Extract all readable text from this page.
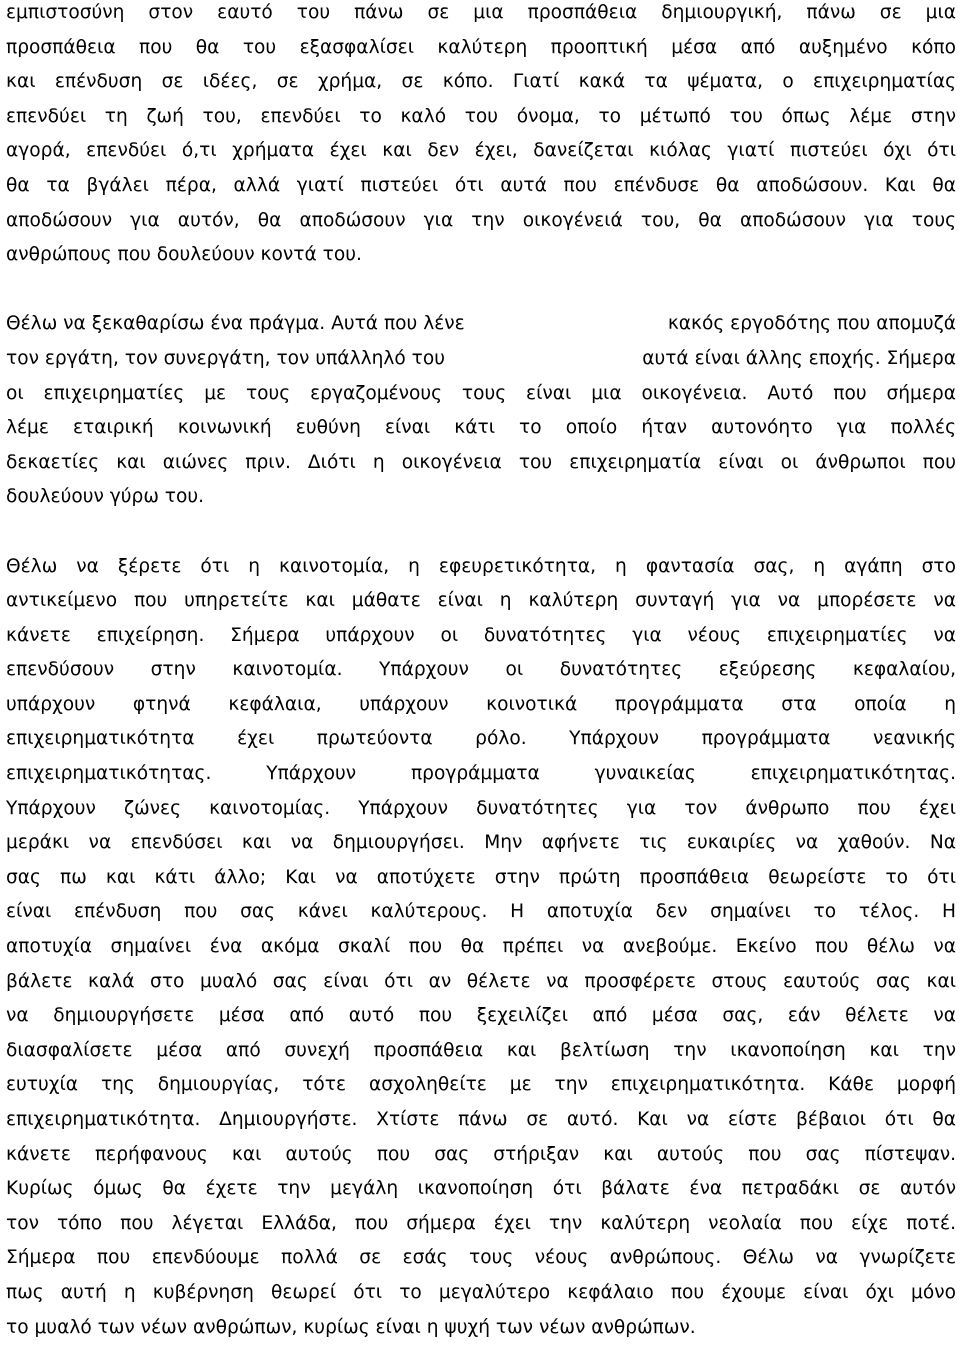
εμπιστοσύνη στον εαυτό του πάνω σε μια προσπάθεια δημιουργική, πάνω σε μια
προσπάθεια που θα του εξασφαλίσει καλύτερη προοπτική μέσα από αυξημένο κόπο
και επένδυση σε ιδέες, σε χρήμα, σε κόπο. Γιατί κακά τα ψέματα, ο επιχειρηματίας
επενδύει τη ζωή του, επενδύει το καλό του όνομα, το μέτωπό του όπως λέμε στην
αγορά, επενδύει ό,τι χρήματα έχει και δεν έχει, δανείζεται κιόλας γιατί πιστεύει όχι ότι
θα τα βγάλει πέρα, αλλά γιατί πιστεύει ότι αυτά που επένδυσε θα αποδώσουν. Και θα
αποδώσουν για αυτόν, θα αποδώσουν για την οικογένειά του, θα αποδώσουν για τους
ανθρώπους που δουλεύουν κοντά του.
Θέλω να ξεκαθαρίσω ένα πράγμα. Αυτά που λένε	κακός εργοδότης που απομυζά
τον εργάτη, τον συνεργάτη, τον υπάλληλό του	αυτά είναι άλλης εποχής. Σήμερα
οι επιχειρηματίες με τους εργαζομένους τους είναι μια οικογένεια. Αυτό που σήμερα
λέμε εταιρική κοινωνική ευθύνη είναι κάτι το οποίο ήταν αυτονόητο για πολλές
δεκαετίες και αιώνες πριν. Διότι η οικογένεια του επιχειρηματία είναι οι άνθρωποι που
δουλεύουν γύρω του.
Θέλω να ξέρετε ότι η καινοτομία, η εφευρετικότητα, η φαντασία σας, η αγάπη στο
αντικείμενο που υπηρετείτε και μάθατε είναι η καλύτερη συνταγή για να μπορέσετε να
κάνετε επιχείρηση. Σήμερα υπάρχουν οι δυνατότητες για νέους επιχειρηματίες να
επενδύσουν στην καινοτομία. Υπάρχουν οι δυνατότητες εξεύρεσης κεφαλαίου,
υπάρχουν φτηνά κεφάλαια, υπάρχουν κοινοτικά προγράμματα στα οποία η
επιχειρηματικότητα έχει πρωτεύοντα ρόλο. Υπάρχουν προγράμματα νεανικής
επιχειρηματικότητας. Υπάρχουν προγράμματα γυναικείας επιχειρηματικότητας.
Υπάρχουν ζώνες καινοτομίας. Υπάρχουν δυνατότητες για τον άνθρωπο που έχει
μεράκι να επενδύσει και να δημιουργήσει. Μην αφήνετε τις ευκαιρίες να χαθούν. Να
σας πω και κάτι άλλο; Και να αποτύχετε στην πρώτη προσπάθεια θεωρείστε το ότι
είναι επένδυση που σας κάνει καλύτερους. Η αποτυχία δεν σημαίνει το τέλος. Η
αποτυχία σημαίνει ένα ακόμα σκαλί που θα πρέπει να ανεβούμε. Εκείνο που θέλω να
βάλετε καλά στο μυαλό σας είναι ότι αν θέλετε να προσφέρετε στους εαυτούς σας και
να δημιουργήσετε μέσα από αυτό που ξεχειλίζει από μέσα σας, εάν θέλετε να
διασφαλίσετε μέσα από συνεχή προσπάθεια και βελτίωση την ικανοποίηση και την
ευτυχία της δημιουργίας, τότε ασχοληθείτε με την επιχειρηματικότητα. Κάθε μορφή
επιχειρηματικότητα. Δημιουργήστε. Χτίστε πάνω σε αυτό. Και να είστε βέβαιοι ότι θα
κάνετε περήφανους και αυτούς που σας στήριξαν και αυτούς που σας πίστεψαν.
Κυρίως όμως θα έχετε την μεγάλη ικανοποίηση ότι βάλατε ένα πετραδάκι σε αυτόν
τον τόπο που λέγεται Ελλάδα, που σήμερα έχει την καλύτερη νεολαία που είχε ποτέ.
Σήμερα που επενδύουμε πολλά σε εσάς τους νέους ανθρώπους. Θέλω να γνωρίζετε
πως αυτή η κυβέρνηση θεωρεί ότι το μεγαλύτερο κεφάλαιο που έχουμε είναι όχι μόνο
το μυαλό των νέων ανθρώπων, κυρίως είναι η ψυχή των νέων ανθρώπων.
